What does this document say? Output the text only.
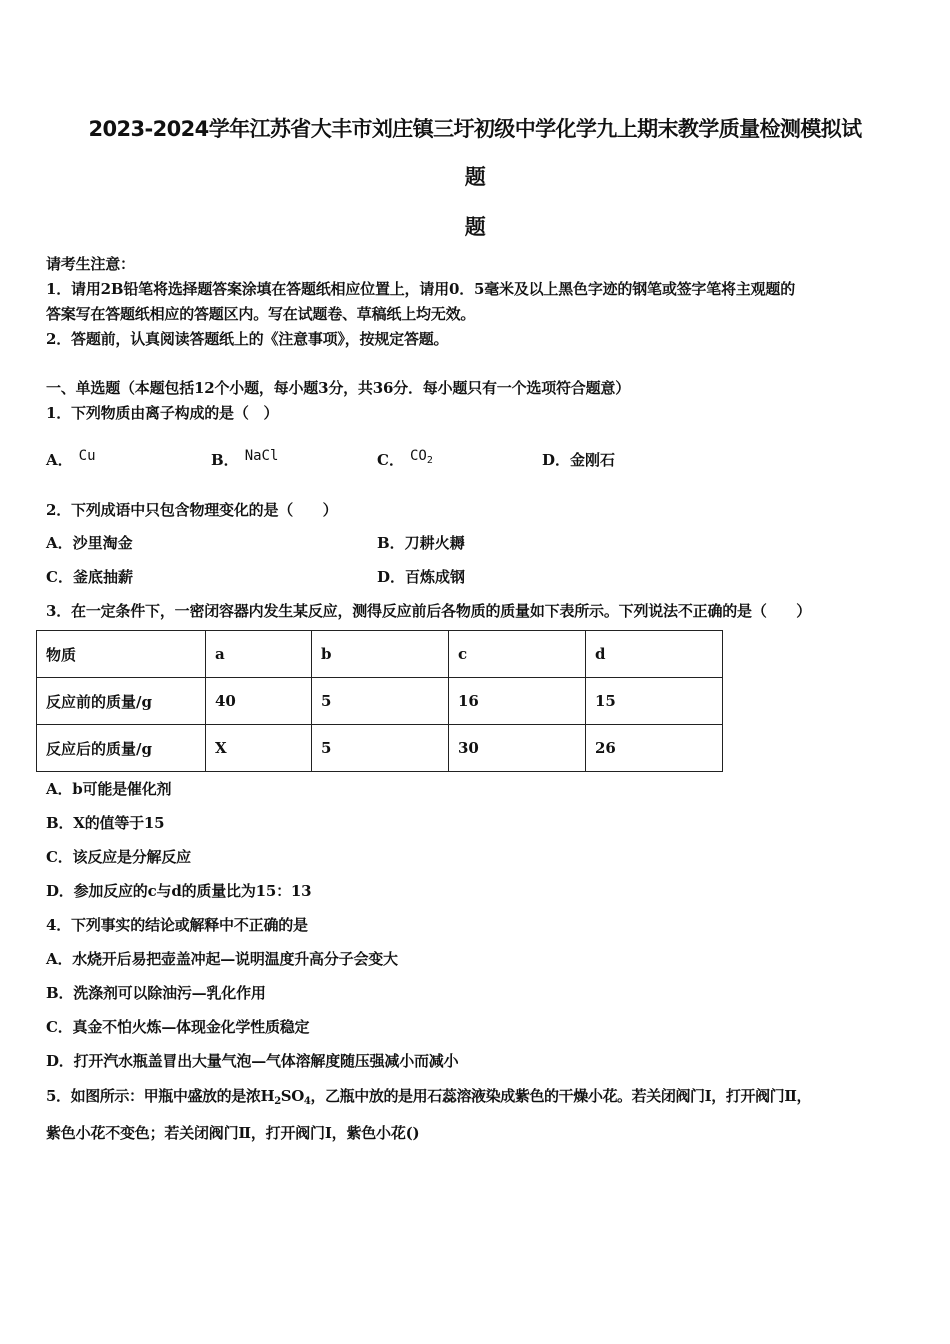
2023-2024学年江苏省大丰市刘庄镇三圩初级中学化学九上期末教学质量检测模拟试
题
题
请考生注意：
1．请用2B铅笔将选择题答案涂填在答题纸相应位置上，请用0．5毫米及以上黑色字迹的钢笔或签字笔将主观题的
答案写在答题纸相应的答题区内。写在试题卷、草稿纸上均无效。
2．答题前，认真阅读答题纸上的《注意事项》，按规定答题。
一、单选题（本题包括12个小题，每小题3分，共36分．每小题只有一个选项符合题意）
1．下列物质由离子构成的是（　）
A． Cu	B． NaCl	C． $CO_2$	D．金刚石
2．下列成语中只包含物理变化的是（　　）
A．沙里淘金	B．刀耕火耨
C．釜底抽薪	D．百炼成钢
3．在一定条件下，一密闭容器内发生某反应，测得反应前后各物质的质量如下表所示。下列说法不正确的是（　　）
物质	a	b	c	d
反应前的质量/g	40	5	16	15
反应后的质量/g	X	5	30	26
A．b可能是催化剂
B．X的值等于15
C．该反应是分解反应
D．参加反应的c与d的质量比为15：13
4．下列事实的结论或解释中不正确的是
A．水烧开后易把壶盖冲起—说明温度升高分子会变大
B．洗涤剂可以除油污—乳化作用
C．真金不怕火炼—体现金化学性质稳定
D．打开汽水瓶盖冒出大量气泡—气体溶解度随压强减小而减小
5．如图所示：甲瓶中盛放的是浓$H_2SO_4$，乙瓶中放的是用石蕊溶液染成紫色的干燥小花。若关闭阀门Ⅰ，打开阀门Ⅱ，
紫色小花不变色；若关闭阀门Ⅱ，打开阀门Ⅰ，紫色小花()
